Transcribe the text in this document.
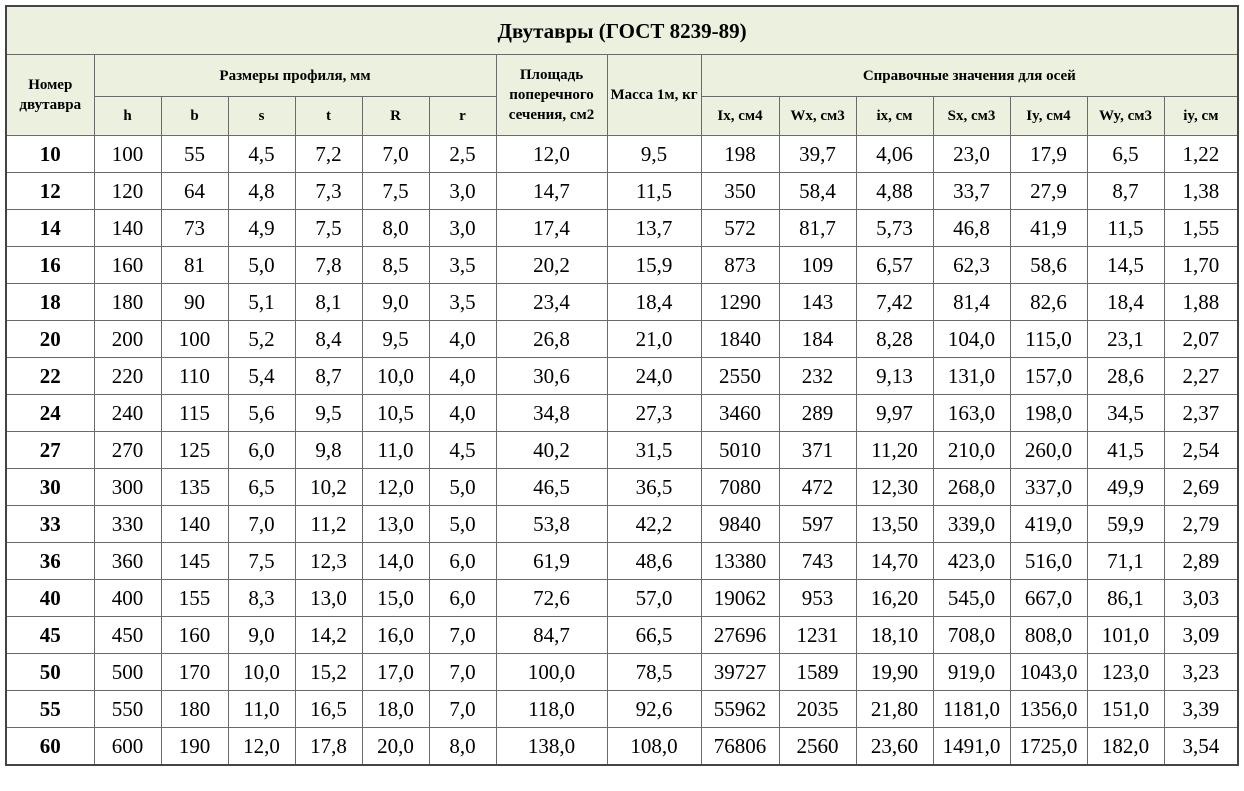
Двутавры (ГОСТ 8239-89)															
Номер двутавра	Размеры профиля, мм						Площадь поперечного сечения, см2	Масса 1м, кг	Справочные значения для осей						
	h	b	s	t	R	r			Ix, см4	Wx, см3	ix, см	Sx, см3	Iy, см4	Wy, см3	iy, см
10	100	55	4,5	7,2	7,0	2,5	12,0	9,5	198	39,7	4,06	23,0	17,9	6,5	1,22
12	120	64	4,8	7,3	7,5	3,0	14,7	11,5	350	58,4	4,88	33,7	27,9	8,7	1,38
14	140	73	4,9	7,5	8,0	3,0	17,4	13,7	572	81,7	5,73	46,8	41,9	11,5	1,55
16	160	81	5,0	7,8	8,5	3,5	20,2	15,9	873	109	6,57	62,3	58,6	14,5	1,70
18	180	90	5,1	8,1	9,0	3,5	23,4	18,4	1290	143	7,42	81,4	82,6	18,4	1,88
20	200	100	5,2	8,4	9,5	4,0	26,8	21,0	1840	184	8,28	104,0	115,0	23,1	2,07
22	220	110	5,4	8,7	10,0	4,0	30,6	24,0	2550	232	9,13	131,0	157,0	28,6	2,27
24	240	115	5,6	9,5	10,5	4,0	34,8	27,3	3460	289	9,97	163,0	198,0	34,5	2,37
27	270	125	6,0	9,8	11,0	4,5	40,2	31,5	5010	371	11,20	210,0	260,0	41,5	2,54
30	300	135	6,5	10,2	12,0	5,0	46,5	36,5	7080	472	12,30	268,0	337,0	49,9	2,69
33	330	140	7,0	11,2	13,0	5,0	53,8	42,2	9840	597	13,50	339,0	419,0	59,9	2,79
36	360	145	7,5	12,3	14,0	6,0	61,9	48,6	13380	743	14,70	423,0	516,0	71,1	2,89
40	400	155	8,3	13,0	15,0	6,0	72,6	57,0	19062	953	16,20	545,0	667,0	86,1	3,03
45	450	160	9,0	14,2	16,0	7,0	84,7	66,5	27696	1231	18,10	708,0	808,0	101,0	3,09
50	500	170	10,0	15,2	17,0	7,0	100,0	78,5	39727	1589	19,90	919,0	1043,0	123,0	3,23
55	550	180	11,0	16,5	18,0	7,0	118,0	92,6	55962	2035	21,80	1181,0	1356,0	151,0	3,39
60	600	190	12,0	17,8	20,0	8,0	138,0	108,0	76806	2560	23,60	1491,0	1725,0	182,0	3,54
